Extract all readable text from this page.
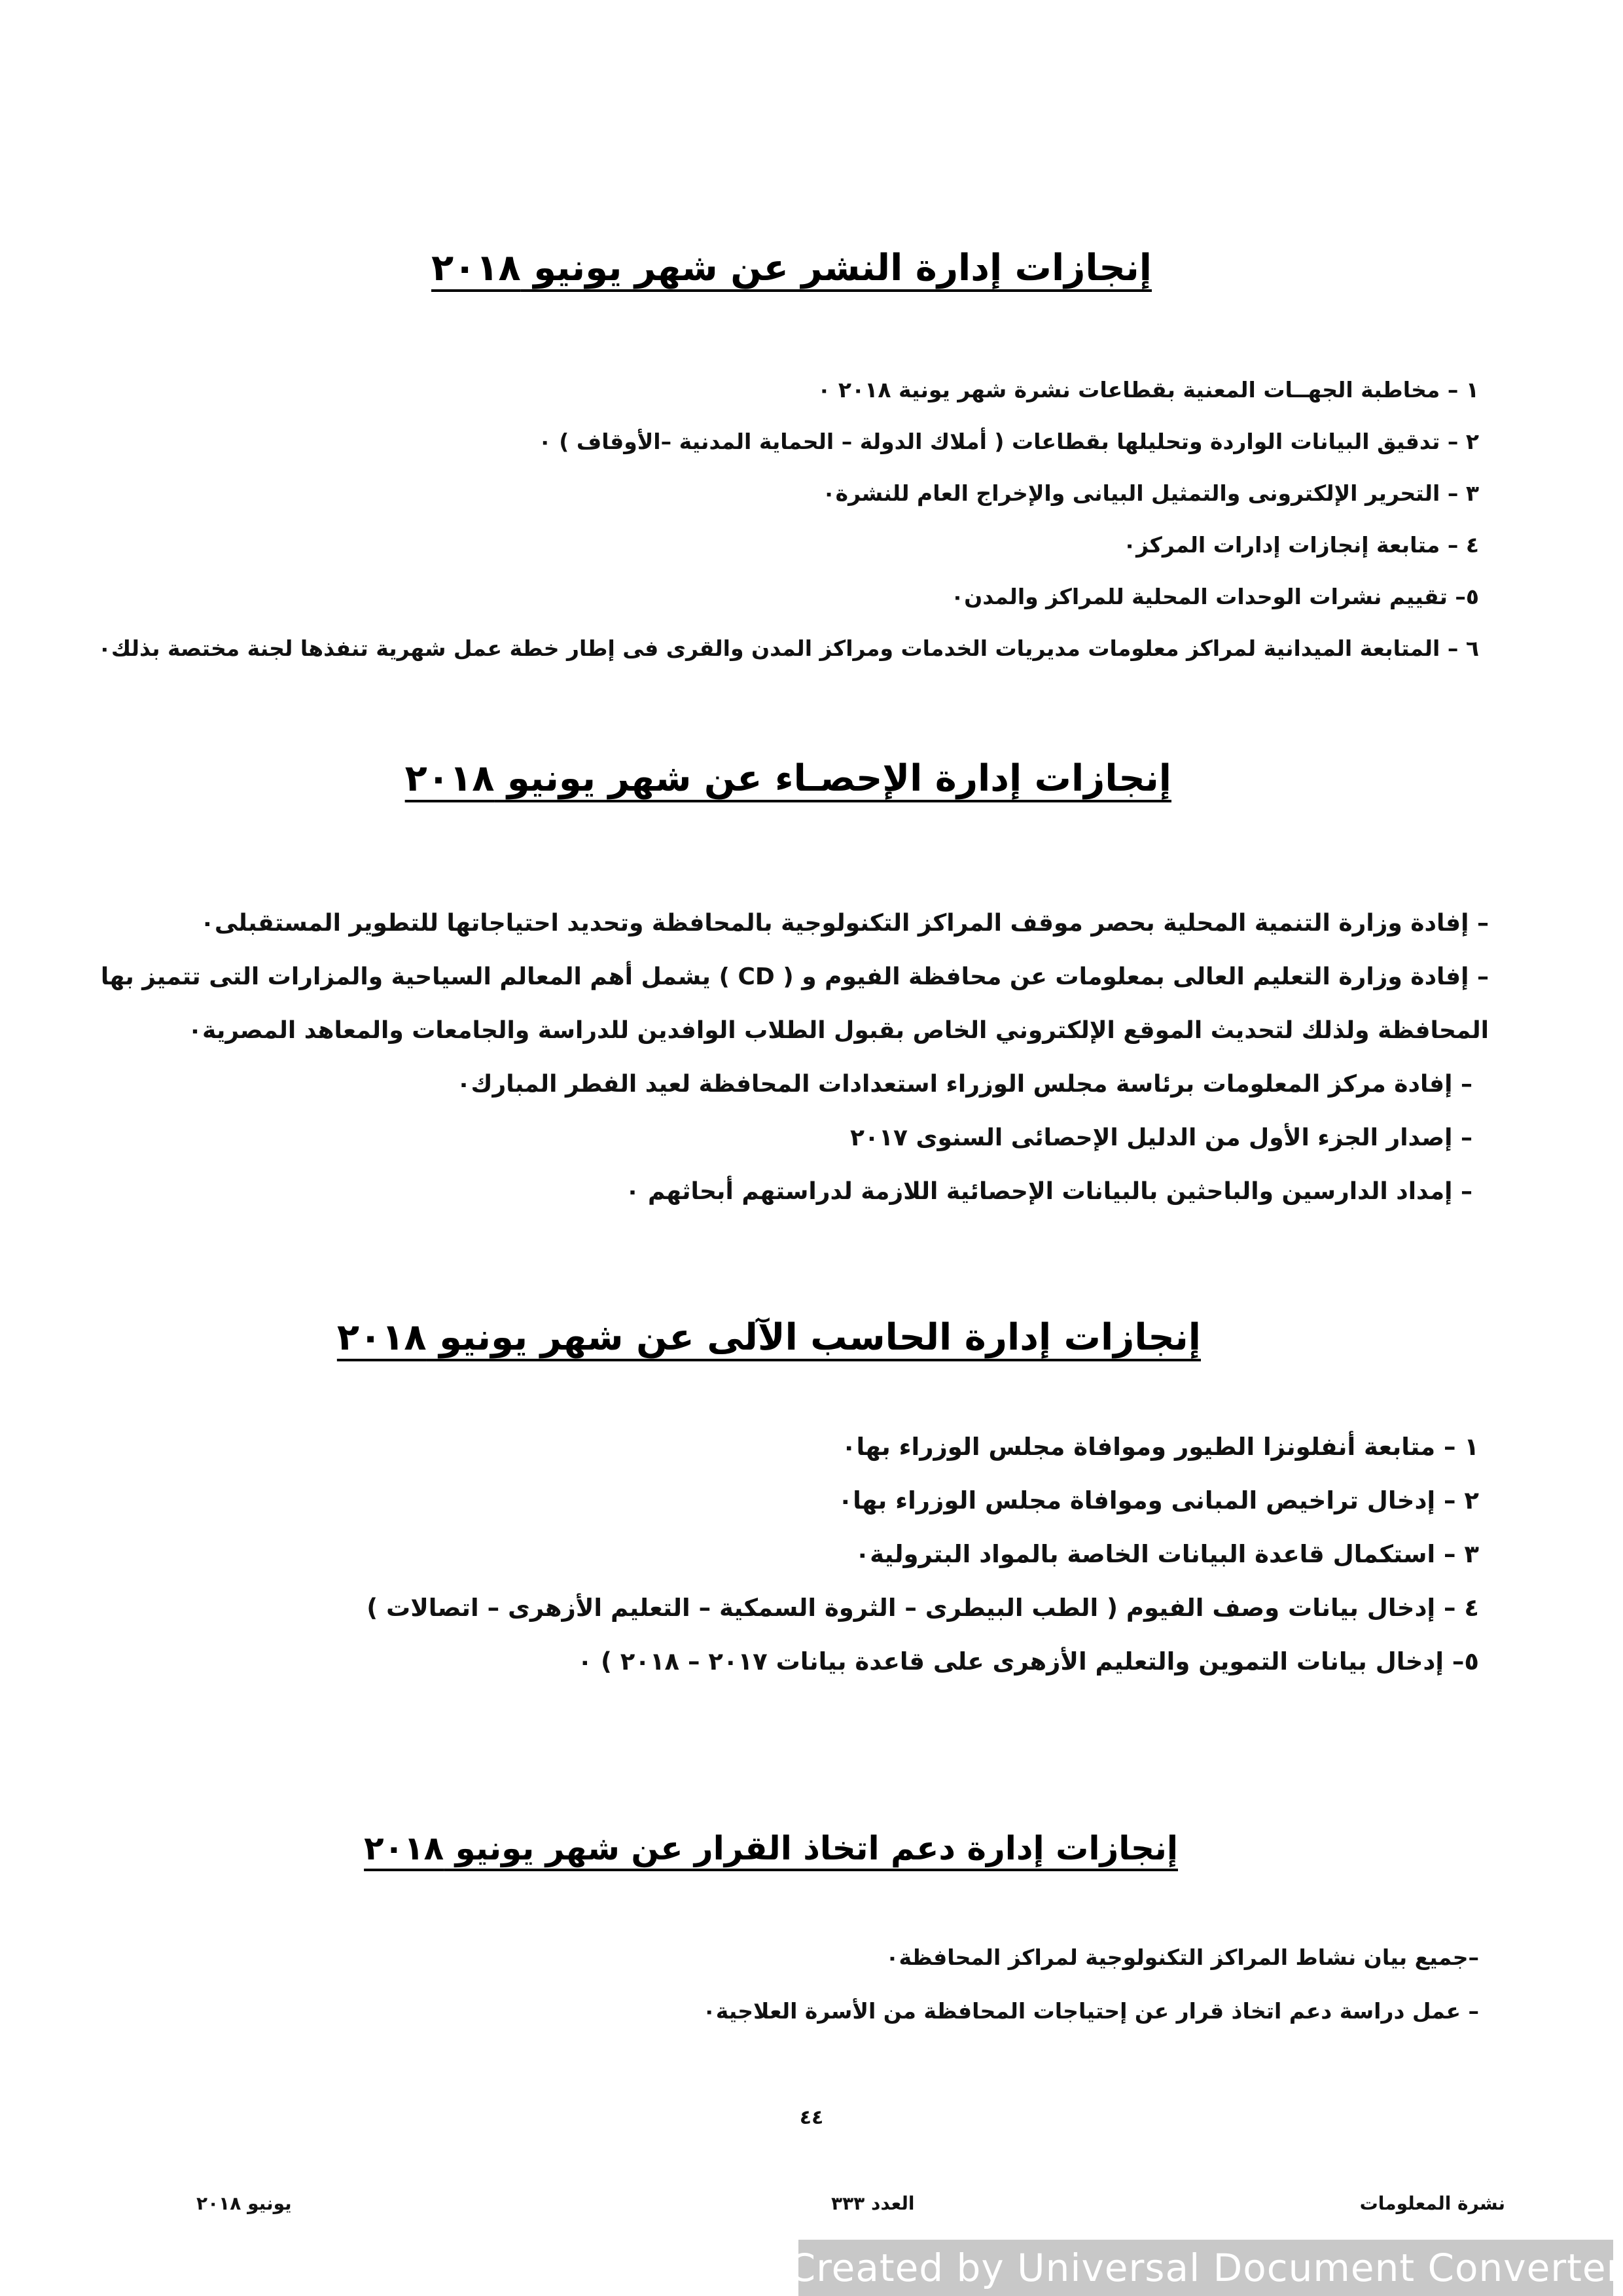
إنجازات إدارة النشر عن شهر يونيو ٢٠١٨
١ – مخاطبة الجهــات المعنية بقطاعات نشرة شهر يونية ٢٠١٨ ٠
٢ – تدقيق البيانات الواردة وتحليلها بقطاعات ( أملاك الدولة – الحماية المدنية –الأوقاف ) ٠
٣ – التحرير الإلكترونى والتمثيل البيانى والإخراج العام للنشرة٠
٤ – متابعة إنجازات إدارات المركز٠
٥– تقييم نشرات الوحدات المحلية للمراكز والمدن٠
٦ – المتابعة الميدانية لمراكز معلومات مديريات الخدمات ومراكز المدن والقرى فى إطار خطة عمل شهرية تنفذها لجنة مختصة بذلك٠
إنجازات إدارة الإحصـاء عن شهر يونيو ٢٠١٨
– إفادة وزارة التنمية المحلية بحصر موقف المراكز التكنولوجية بالمحافظة وتحديد احتياجاتها للتطوير المستقبلى٠
– إفادة وزارة التعليم العالى بمعلومات عن محافظة الفيوم و ( CD ) يشمل أهم المعالم السياحية والمزارات التى تتميز بها
المحافظة ولذلك لتحديث الموقع الإلكتروني الخاص بقبول الطلاب الوافدين للدراسة والجامعات والمعاهد المصرية٠
– إفادة مركز المعلومات برئاسة مجلس الوزراء استعدادات المحافظة لعيد الفطر المبارك٠
– إصدار الجزء الأول من الدليل الإحصائى السنوى ٢٠١٧
– إمداد الدارسين والباحثين بالبيانات الإحصائية اللازمة لدراستهم أبحاثهم ٠
إنجازات إدارة الحاسب الآلى عن شهر يونيو ٢٠١٨
١ – متابعة أنفلونزا الطيور وموافاة مجلس الوزراء بها٠
٢ – إدخال تراخيص المبانى وموافاة مجلس الوزراء بها٠
٣ – استكمال قاعدة البيانات الخاصة بالمواد البترولية٠
٤ – إدخال بيانات وصف الفيوم ( الطب البيطرى – الثروة السمكية – التعليم الأزهرى – اتصالات )
٥– إدخال بيانات التموين والتعليم الأزهرى على قاعدة بيانات ٢٠١٧ – ٢٠١٨ ) ٠
إنجازات إدارة دعم اتخاذ القرار عن شهر يونيو ٢٠١٨
–جميع بيان نشاط المراكز التكنولوجية لمراكز المحافظة٠
– عمل دراسة دعم اتخاذ قرار عن إحتياجات المحافظة من الأسرة العلاجية٠
٤٤
نشرة المعلومات
العدد ٣٣٣
يونيو ٢٠١٨
Created by Universal Document Converter
